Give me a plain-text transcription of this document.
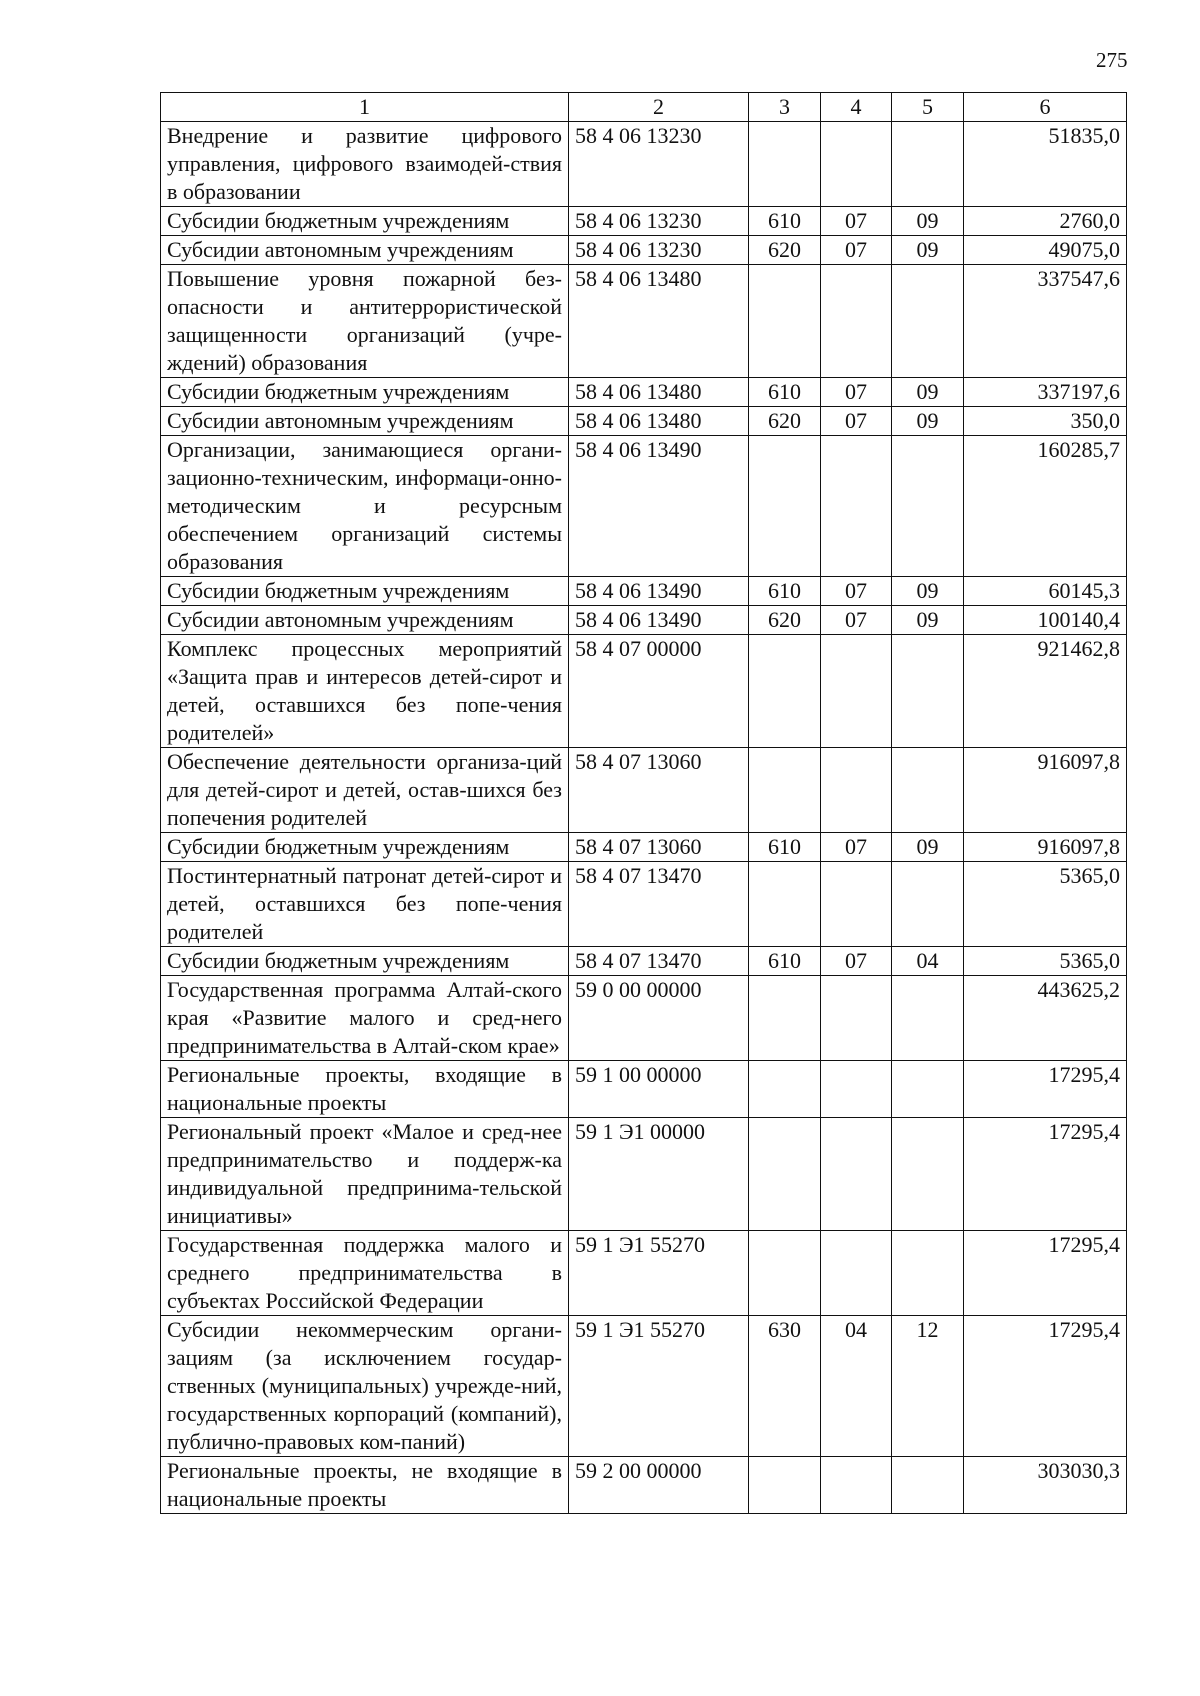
275
1	2	3	4	5	6
Внедрение и развитие цифрового управления, цифрового взаимодей-ствия в образовании	58 4 06 13230				51835,0
Субсидии бюджетным учреждениям	58 4 06 13230	610	07	09	2760,0
Субсидии автономным учреждениям	58 4 06 13230	620	07	09	49075,0
Повышение уровня пожарной без-опасности и антитеррористической защищенности организаций (учре-ждений) образования	58 4 06 13480				337547,6
Субсидии бюджетным учреждениям	58 4 06 13480	610	07	09	337197,6
Субсидии автономным учреждениям	58 4 06 13480	620	07	09	350,0
Организации, занимающиеся органи-зационно-техническим, информаци-онно-методическим и ресурсным обеспечением организаций системы образования	58 4 06 13490				160285,7
Субсидии бюджетным учреждениям	58 4 06 13490	610	07	09	60145,3
Субсидии автономным учреждениям	58 4 06 13490	620	07	09	100140,4
Комплекс процессных мероприятий «Защита прав и интересов детей-сирот и детей, оставшихся без попе-чения родителей»	58 4 07 00000				921462,8
Обеспечение деятельности организа-ций для детей-сирот и детей, остав-шихся без попечения родителей	58 4 07 13060				916097,8
Субсидии бюджетным учреждениям	58 4 07 13060	610	07	09	916097,8
Постинтернатный патронат детей-сирот и детей, оставшихся без попе-чения родителей	58 4 07 13470				5365,0
Субсидии бюджетным учреждениям	58 4 07 13470	610	07	04	5365,0
Государственная программа Алтай-ского края «Развитие малого и сред-него предпринимательства в Алтай-ском крае»	59 0 00 00000				443625,2
Региональные проекты, входящие в национальные проекты	59 1 00 00000				17295,4
Региональный проект «Малое и сред-нее предпринимательство и поддерж-ка индивидуальной предпринима-тельской инициативы»	59 1 Э1 00000				17295,4
Государственная поддержка малого и среднего предпринимательства в субъектах Российской Федерации	59 1 Э1 55270				17295,4
Субсидии некоммерческим органи-зациям (за исключением государ-ственных (муниципальных) учрежде-ний, государственных корпораций (компаний), публично-правовых ком-паний)	59 1 Э1 55270	630	04	12	17295,4
Региональные проекты, не входящие в национальные проекты	59 2 00 00000				303030,3
